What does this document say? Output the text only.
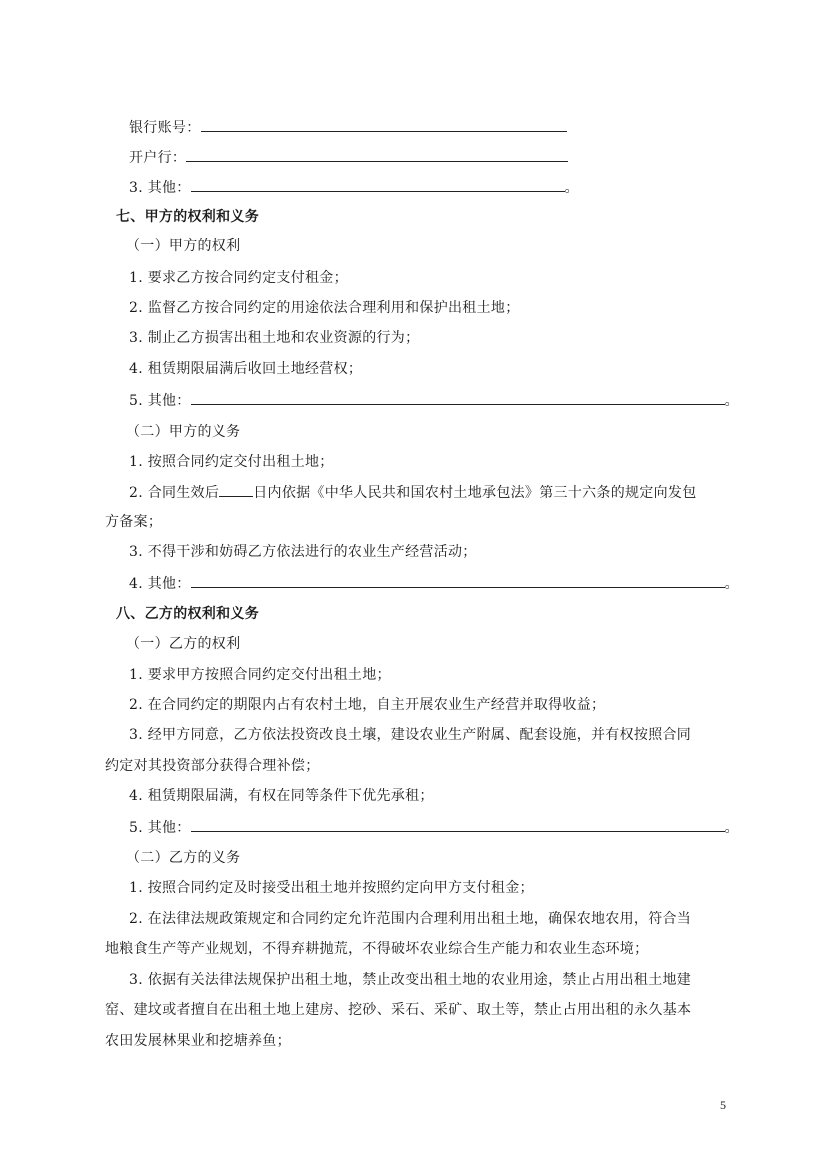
银行账号：
开户行：
3. 其他：	。
七、甲方的权利和义务
（一）甲方的权利
1. 要求乙方按合同约定支付租金；
2. 监督乙方按合同约定的用途依法合理利用和保护出租土地；
3. 制止乙方损害出租土地和农业资源的行为；
4. 租赁期限届满后收回土地经营权；
5. 其他：	。
（二）甲方的义务
1. 按照合同约定交付出租土地；
2. 合同生效后 日内依据《中华人民共和国农村土地承包法》第三十六条的规定向发包
方备案；
3. 不得干涉和妨碍乙方依法进行的农业生产经营活动；
4. 其他：	。
八、乙方的权利和义务
（一）乙方的权利
1. 要求甲方按照合同约定交付出租土地；
2. 在合同约定的期限内占有农村土地，自主开展农业生产经营并取得收益；
3. 经甲方同意，乙方依法投资改良土壤，建设农业生产附属、配套设施，并有权按照合同
约定对其投资部分获得合理补偿；
4. 租赁期限届满，有权在同等条件下优先承租；
5. 其他：	。
（二）乙方的义务
1. 按照合同约定及时接受出租土地并按照约定向甲方支付租金；
2. 在法律法规政策规定和合同约定允许范围内合理利用出租土地，确保农地农用，符合当
地粮食生产等产业规划，不得弃耕抛荒，不得破坏农业综合生产能力和农业生态环境；
3. 依据有关法律法规保护出租土地，禁止改变出租土地的农业用途，禁止占用出租土地建
窑、建坟或者擅自在出租土地上建房、挖砂、采石、采矿、取土等，禁止占用出租的永久基本
农田发展林果业和挖塘养鱼；
5
